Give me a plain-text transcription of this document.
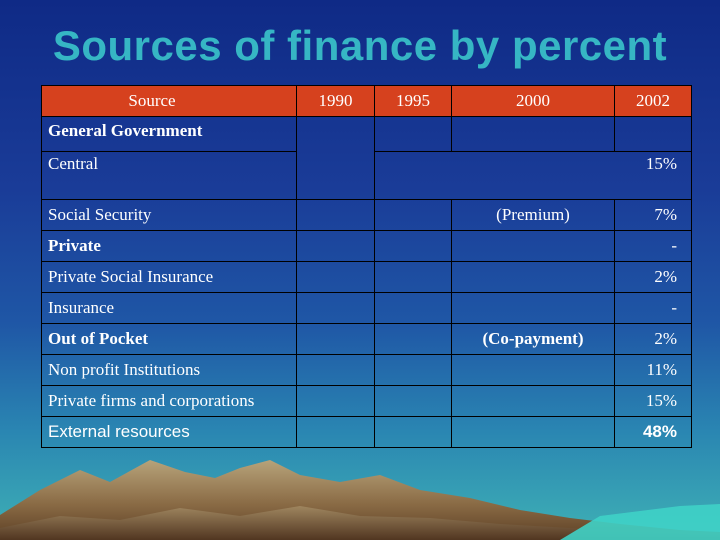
Sources of finance by percent
Source	1990	1995	2000	2002
General Government				
Central				15%
Social Security			(Premium)	7%
Private				-
Private Social Insurance				2%
Insurance				-
Out of Pocket			(Co-payment)	2%
Non profit Institutions				11%
Private firms and corporations				15%
External resources				48%
